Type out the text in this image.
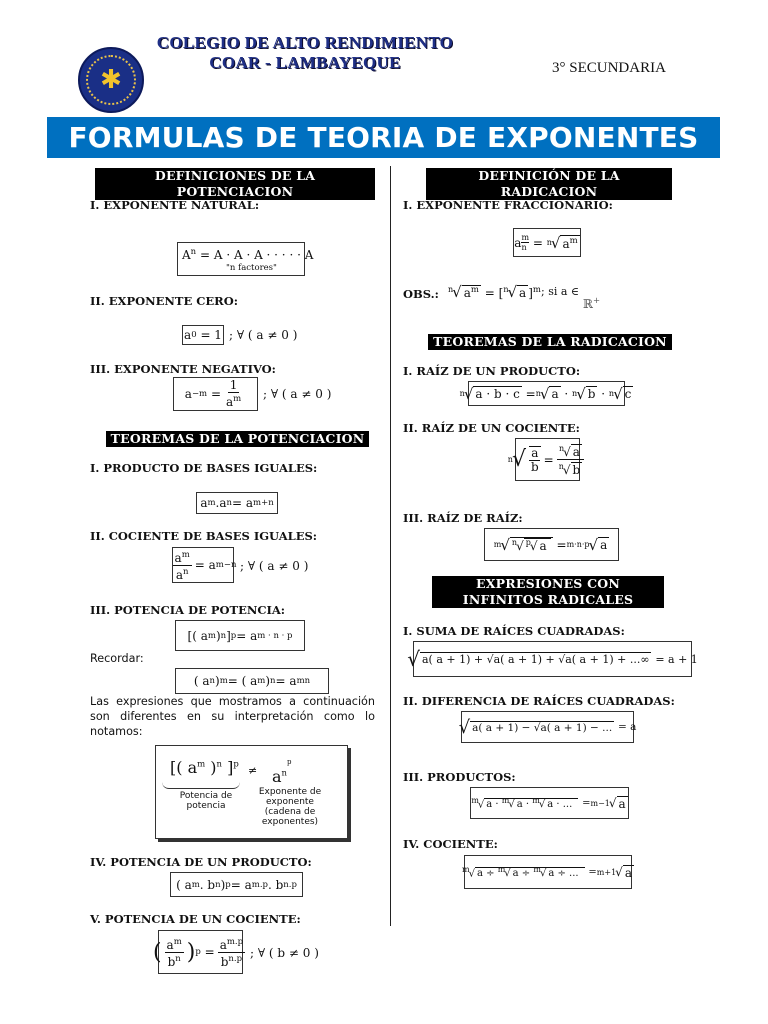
✱
COLEGIO DE ALTO RENDIMIENTO
COAR - LAMBAYEQUE	3° SECUNDARIA
FORMULAS DE TEORIA DE EXPONENTES
DEFINICIONES DE LA POTENCIACION
I. EXPONENTE NATURAL:
$A^n = A \cdot A \cdot A$ · · · · · A
"n factores"
II. EXPONENTE CERO:
a 0
= 1 ; ∀ ( a ≠ 0 )
III. EXPONENTE NEGATIVO:
$a -m = \frac{1}{a^m}$ ; ∀ ( a ≠ 0 )
TEOREMAS DE LA POTENCIACION
I. PRODUCTO DE BASES IGUALES:
a m .a n = a m+n
II. COCIENTE DE BASES IGUALES:
$\frac{a^m}{a^n} = a$ m−n ; ∀ ( a ≠ 0 )
III. POTENCIA DE POTENCIA:
[( a m ) n ] p = a m · n · p
Recordar:
( a n ) m = ( a m ) n = a mn
Las expresiones que mostramos a continuación son diferentes en su interpretación como lo notamos:
[( $a^m$ )$^n$ ]$^p \ne a^{np}$
Potencia de potencia
Exponente de exponente (cadena de exponentes)
IV. POTENCIA DE UN PRODUCTO:
( a m . b n ) p = a m.p . b n.p
V. POTENCIA DE UN COCIENTE:
( $\frac{a^m}{b^n}$ ) $p = \frac{a^{m.p}}{b^{n.p}}$ ; ∀ ( b ≠ 0 )
DEFINICIÓN DE LA RADICACION
I. EXPONENTE FRACCIONARIO:
a $\frac{m}{n}$
=
n √ $a^m$
OBS.: $^n$√ $a^m = [^n√$ a ]$^m$ ; si a ∈
ℝ+
TEOREMAS DE LA RADICACION
I. RAÍZ DE UN PRODUCTO:
n √ a · b · c
= n √ a · n √ b · n √ c
II. RAÍZ DE UN COCIENTE:
n √ $\frac{a}{b} = \frac{^n√ a}{^n√ b}$
III. RAÍZ DE RAÍZ:
m √ $^n$√ $^p$√ a
= m·n·p √ a
EXPRESIONES CON INFINITOS RADICALES
I. SUMA DE RAÍCES CUADRADAS:
√ a( a + 1) + √a( a + 1) + √a( a + 1) + ...∞
= a + 1
II. DIFERENCIA DE RAÍCES CUADRADAS:
√ a( a + 1) − √a( a + 1) − ...
= a
III. PRODUCTOS:
$^m$√ a · $^m$√ a · $^m$√ a · ...
= m−1 √ a
IV. COCIENTE:
$^m$√ a ÷ $^m$√ a ÷ $^m$√ a ÷ ...
= m+1 √ a
